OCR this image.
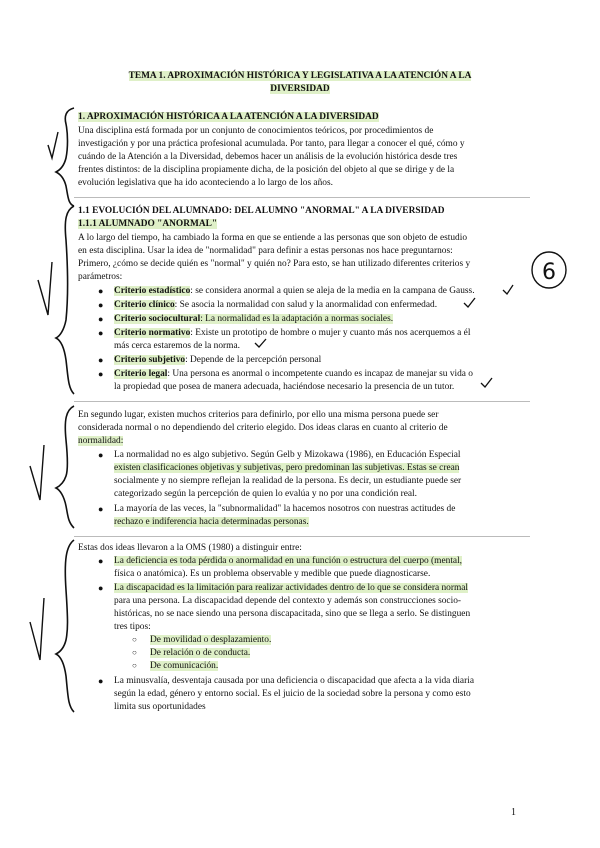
TEMA 1. APROXIMACIÓN HISTÓRICA Y LEGISLATIVA A LA ATENCIÓN A LA
DIVERSIDAD
1. APROXIMACIÓN HISTÓRICA A LA ATENCIÓN A LA DIVERSIDAD
Una disciplina está formada por un conjunto de conocimientos teóricos, por procedimientos de
investigación y por una práctica profesional acumulada. Por tanto, para llegar a conocer el qué, cómo y
cuándo de la Atención a la Diversidad, debemos hacer un análisis de la evolución histórica desde tres
frentes distintos: de la disciplina propiamente dicha, de la posición del objeto al que se dirige y de la
evolución legislativa que ha ido aconteciendo a lo largo de los años.
1.1 EVOLUCIÓN DEL ALUMNADO: DEL ALUMNO "ANORMAL" A LA DIVERSIDAD
1.1.1 ALUMNADO "ANORMAL"
A lo largo del tiempo, ha cambiado la forma en que se entiende a las personas que son objeto de estudio
en esta disciplina. Usar la idea de "normalidad" para definir a estas personas nos hace preguntarnos:
Primero, ¿cómo se decide quién es "normal" y quién no? Para esto, se han utilizado diferentes criterios y
parámetros:
● Criterio estadístico: se considera anormal a quien se aleja de la media en la campana de Gauss.
● Criterio clínico: Se asocia la normalidad con salud y la anormalidad con enfermedad.
● Criterio sociocultural: La normalidad es la adaptación a normas sociales.
● Criterio normativo: Existe un prototipo de hombre o mujer y cuanto más nos acerquemos a él
más cerca estaremos de la norma.
● Criterio subjetivo: Depende de la percepción personal
● Criterio legal: Una persona es anormal o incompetente cuando es incapaz de manejar su vida o
la propiedad que posea de manera adecuada, haciéndose necesario la presencia de un tutor.
En segundo lugar, existen muchos criterios para definirlo, por ello una misma persona puede ser
considerada normal o no dependiendo del criterio elegido. Dos ideas claras en cuanto al criterio de
normalidad:
● La normalidad no es algo subjetivo. Según Gelb y Mizokawa (1986), en Educación Especial
existen clasificaciones objetivas y subjetivas, pero predominan las subjetivas. Estas se crean
socialmente y no siempre reflejan la realidad de la persona. Es decir, un estudiante puede ser
categorizado según la percepción de quien lo evalúa y no por una condición real.
● La mayoría de las veces, la "subnormalidad" la hacemos nosotros con nuestras actitudes de
rechazo e indiferencia hacia determinadas personas.
Estas dos ideas llevaron a la OMS (1980) a distinguir entre:
● La deficiencia es toda pérdida o anormalidad en una función o estructura del cuerpo (mental,
física o anatómica). Es un problema observable y medible que puede diagnosticarse.
● La discapacidad es la limitación para realizar actividades dentro de lo que se considera normal
para una persona. La discapacidad depende del contexto y además son construcciones socio-
históricas, no se nace siendo una persona discapacitada, sino que se llega a serlo. Se distinguen
tres tipos:
○ De movilidad o desplazamiento.
○ De relación o de conducta.
○ De comunicación.
● La minusvalía, desventaja causada por una deficiencia o discapacidad que afecta a la vida diaria
según la edad, género y entorno social. Es el juicio de la sociedad sobre la persona y como esto
limita sus oportunidades
6
1
